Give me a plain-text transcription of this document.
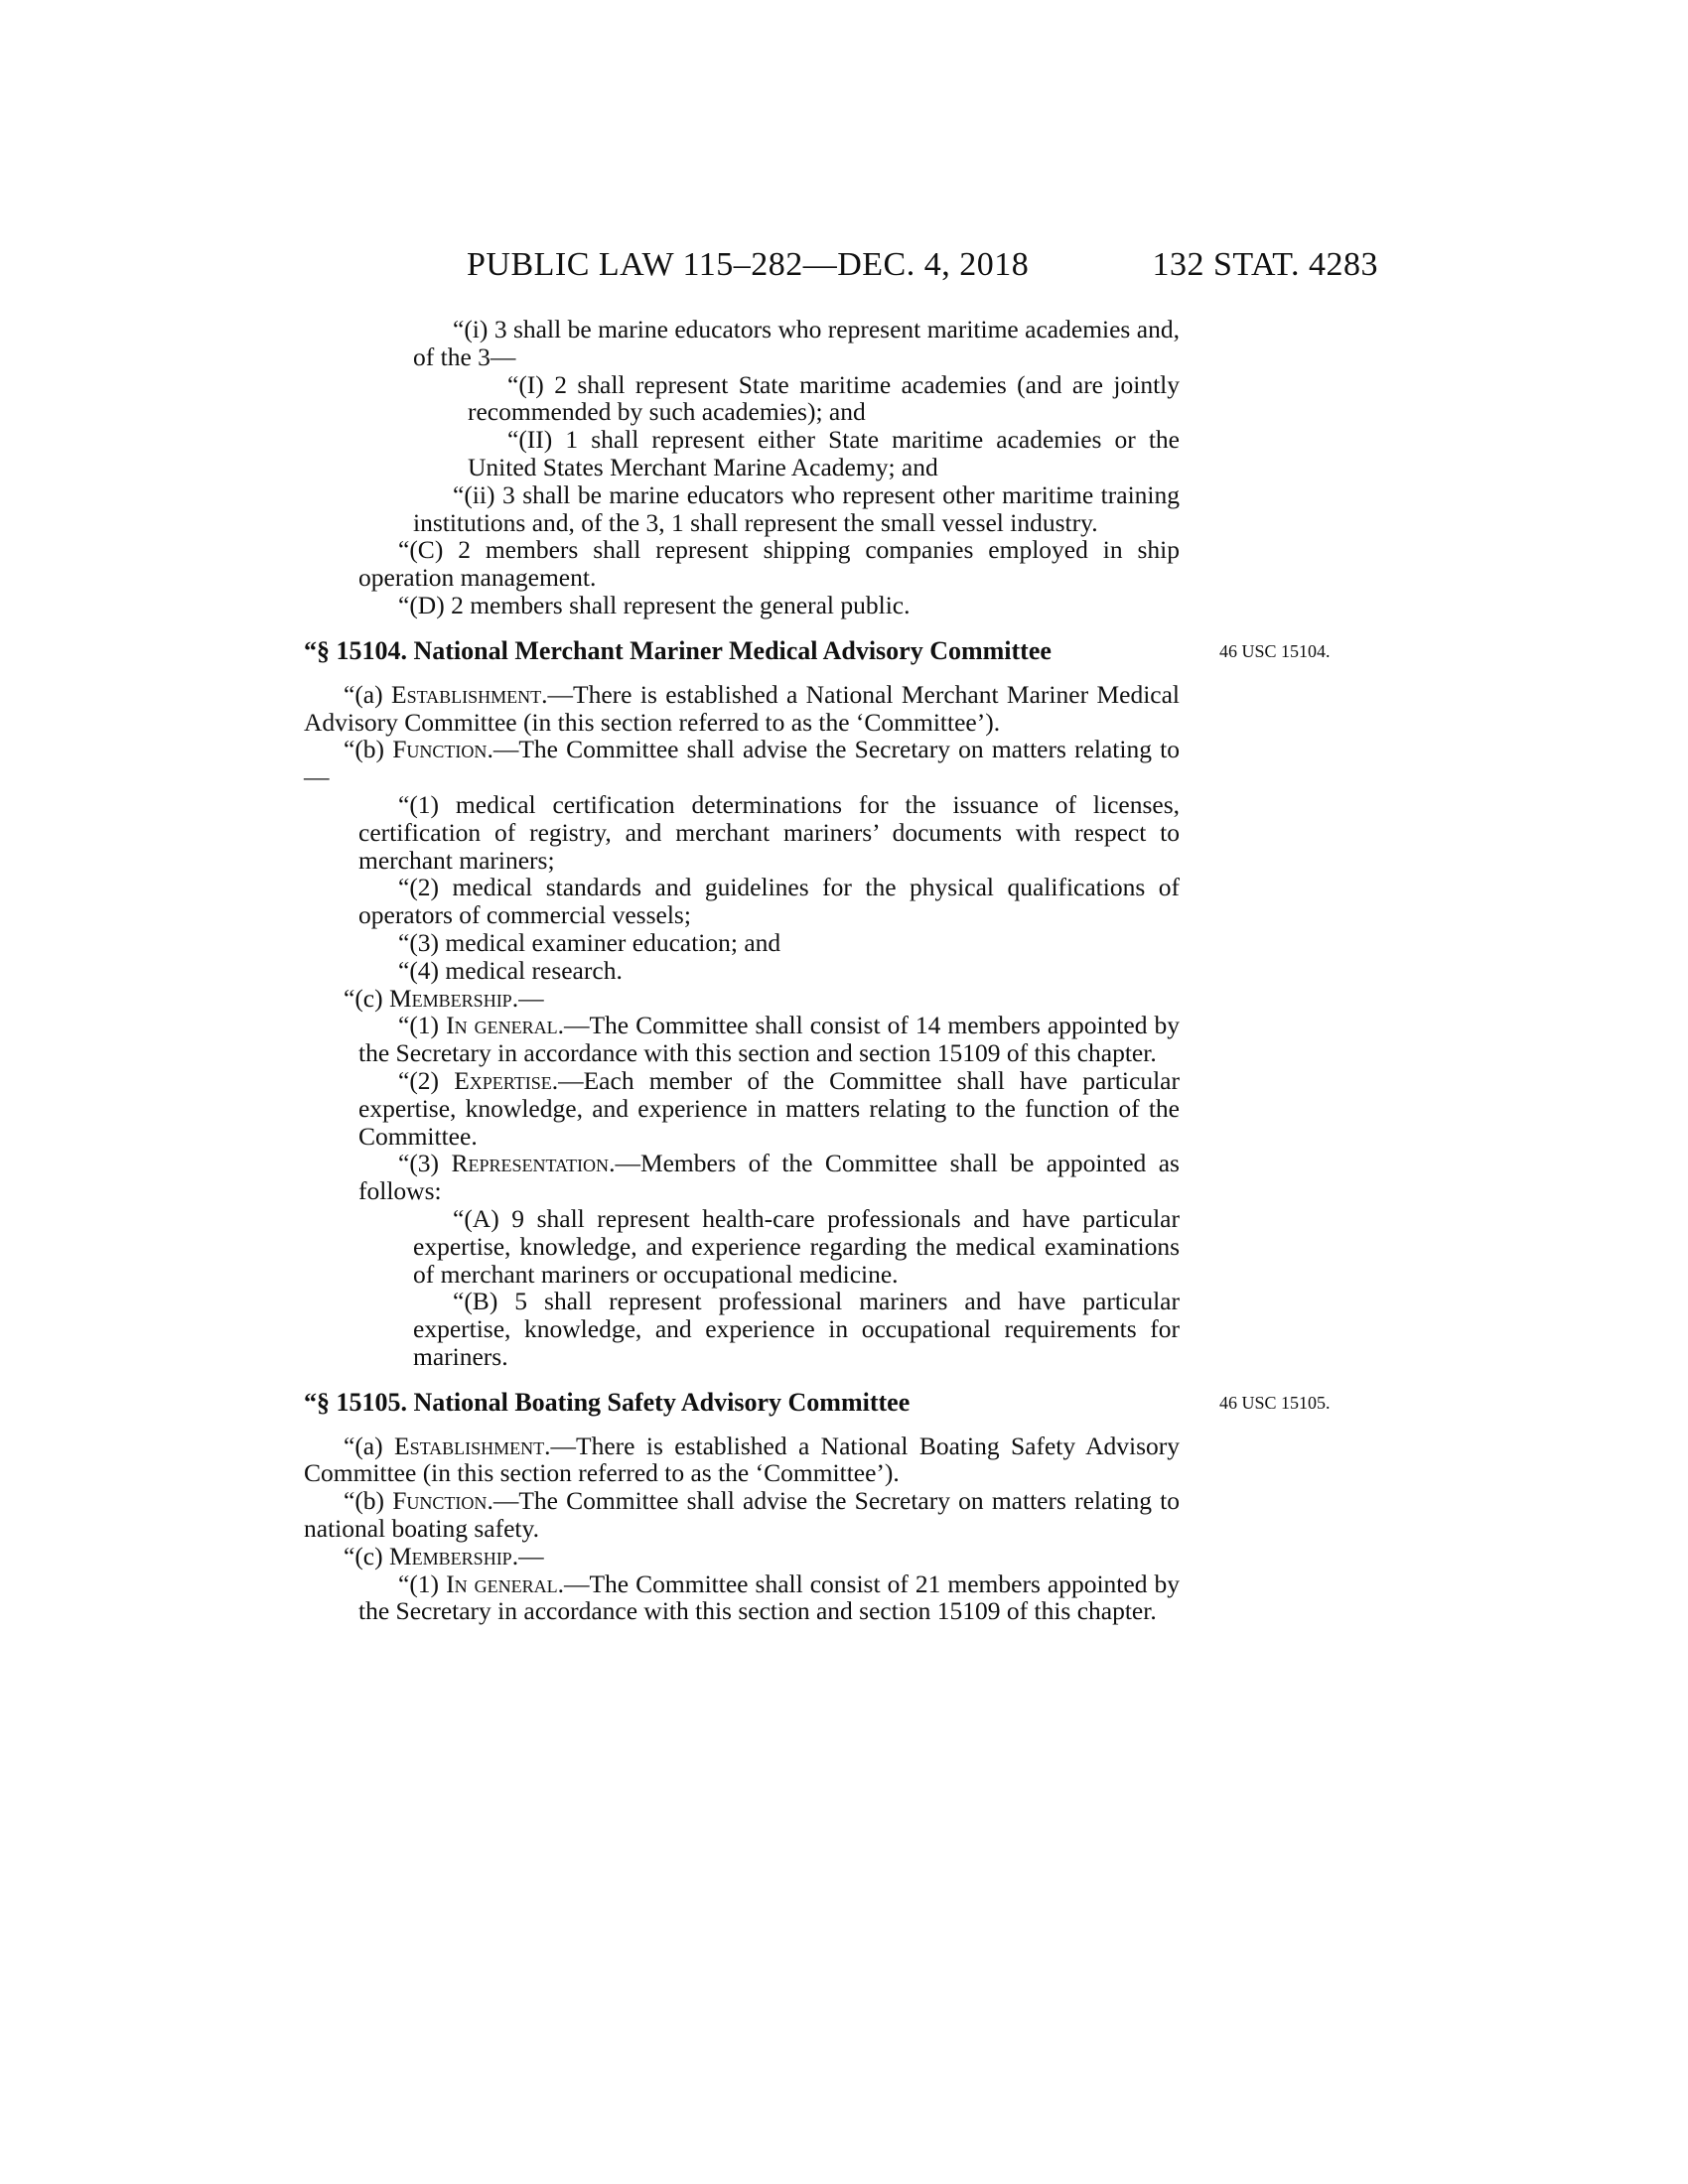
PUBLIC LAW 115–282—DEC. 4, 2018	132 STAT. 4283

“(i) 3 shall be marine educators who represent maritime academies and, of the 3—

“(I) 2 shall represent State maritime academies (and are jointly recommended by such academies); and

“(II) 1 shall represent either State maritime academies or the United States Merchant Marine Academy; and

“(ii) 3 shall be marine educators who represent other maritime training institutions and, of the 3, 1 shall represent the small vessel industry.

“(C) 2 members shall represent shipping companies employed in ship operation management.

“(D) 2 members shall represent the general public.

“§ 15104. National Merchant Mariner Medical Advisory Committee

“(a) Establishment.—There is established a National Merchant Mariner Medical Advisory Committee (in this section referred to as the ‘Committee’).

“(b) Function.—The Committee shall advise the Secretary on matters relating to—

“(1) medical certification determinations for the issuance of licenses, certification of registry, and merchant mariners’ documents with respect to merchant mariners;

“(2) medical standards and guidelines for the physical qualifications of operators of commercial vessels;

“(3) medical examiner education; and

“(4) medical research.

“(c) Membership.—

“(1) In general.—The Committee shall consist of 14 members appointed by the Secretary in accordance with this section and section 15109 of this chapter.

“(2) Expertise.—Each member of the Committee shall have particular expertise, knowledge, and experience in matters relating to the function of the Committee.

“(3) Representation.—Members of the Committee shall be appointed as follows:

“(A) 9 shall represent health-care professionals and have particular expertise, knowledge, and experience regarding the medical examinations of merchant mariners or occupational medicine.

“(B) 5 shall represent professional mariners and have particular expertise, knowledge, and experience in occupational requirements for mariners.

“§ 15105. National Boating Safety Advisory Committee

“(a) Establishment.—There is established a National Boating Safety Advisory Committee (in this section referred to as the ‘Committee’).

“(b) Function.—The Committee shall advise the Secretary on matters relating to national boating safety.

“(c) Membership.—

“(1) In general.—The Committee shall consist of 21 members appointed by the Secretary in accordance with this section and section 15109 of this chapter.

46 USC 15104.
46 USC 15105.
